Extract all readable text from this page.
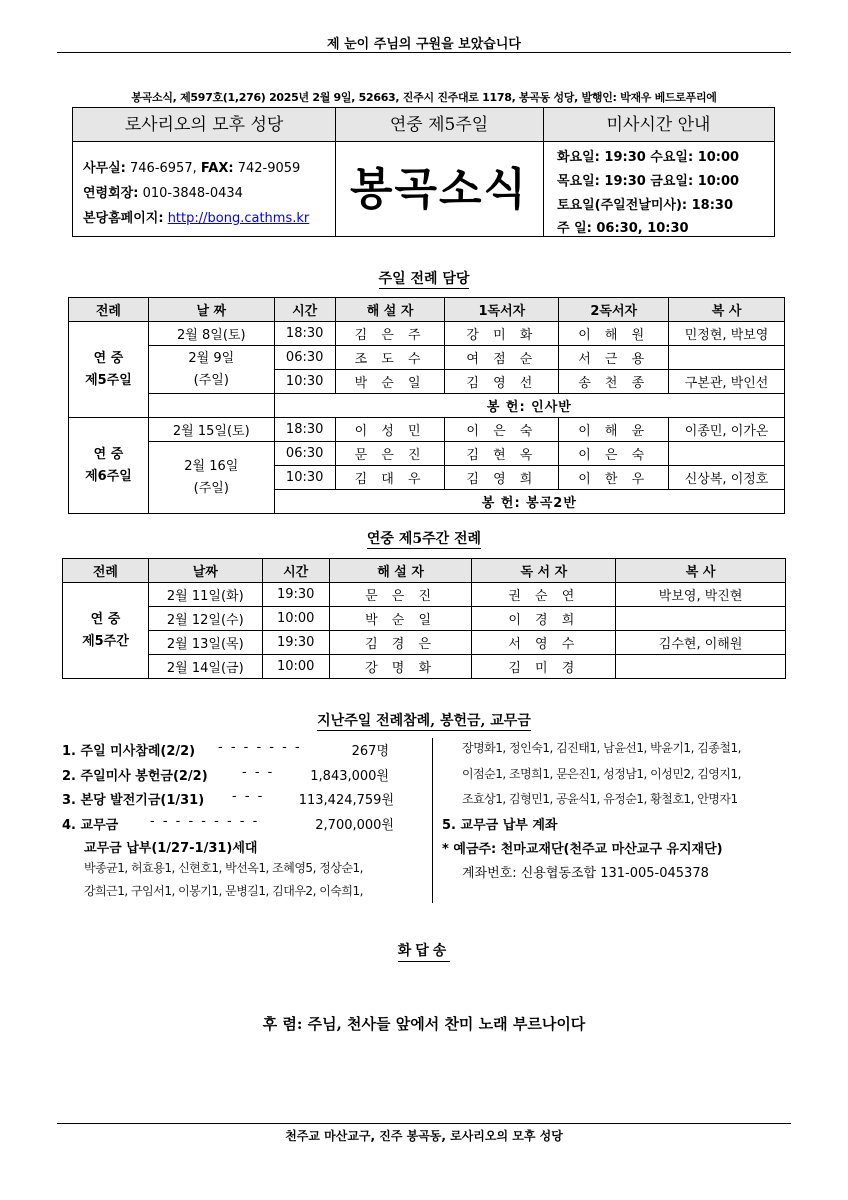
제 눈이 주님의 구원을 보았습니다
봉곡소식, 제597호(1,276) 2025년 2월 9일, 52663, 진주시 진주대로 1178, 봉곡동 성당, 발행인: 박재우 베드로푸리에
로사리오의 모후 성당	연중 제5주일	미사시간 안내
사무실: 746-6957, FAX: 742-9059
연령회장: 010-3848-0434
본당홈페이지: http://bong.cathms.kr
봉곡소식
화요일: 19:30 수요일: 10:00
목요일: 19:30 금요일: 10:00
토요일(주일전날미사): 18:30
주 일: 06:30, 10:30
주일 전례 담당
전례	날 짜	시간	해 설 자	1독서자	2독서자	복 사

연 중
제5주일	2월 8일(토)	18:30	김 은 주	강 미 화	이 해 원	민정현, 박보영

	2월 9일
(주일)	06:30	조 도 수	여 점 순	서 근 용	
		10:30	박 순 일	김 영 선	송 천 종	구본관, 박인선
		봉 헌: 인사반				

연 중
제6주일	2월 15일(토)	18:30	이 성 민	이 은 숙	이 해 윤	이종민, 이가온

	2월 16일
(주일)	06:30	문 은 진	김 현 옥	이 은 숙	
		10:30	김 대 우	김 영 희	이 한 우	신상복, 이정호
		봉 헌: 봉곡2반				
연중 제5주간 전례
전례	날짜	시간	해 설 자	독 서 자	복 사

연 중
제5주간	2월 11일(화)	19:30	문 은 진	권 순 연	박보영, 박진현
	2월 12일(수)	10:00	박 순 일	이 경 희	
	2월 13일(목)	19:30	김 경 은	서 영 수	김수현, 이해원
	2월 14일(금)	10:00	강 명 화	김 미 경	
지난주일 전례참례, 봉헌금, 교무금
1. 주일 미사참례(2/2) - - - - - - -	267명
2. 주일미사 봉헌금(2/2)	- - -	1,843,000원
3. 본당 발전기금(1/31) - - -	113,424,759원
4. 교무금 - - - - - - - - -	2,700,000원
교무금 납부(1/27-1/31)세대
박종균1, 허효용1, 신현호1, 박선옥1, 조혜영5, 정상순1,
강희근1, 구임서1, 이봉기1, 문병길1, 김대우2, 이숙희1,
장명화1, 정인숙1, 김진태1, 남윤선1, 박윤기1, 김종철1,
이점순1, 조명희1, 문은진1, 성정남1, 이성민2, 김영지1,
조효상1, 김형민1, 공윤식1, 유정순1, 황철호1, 안명자1
5. 교무금 납부 계좌
* 예금주: 천마교재단(천주교 마산교구 유지재단)
계좌번호: 신용협동조합 131-005-045378
화답송
후 렴: 주님, 천사들 앞에서 찬미 노래 부르나이다
천주교 마산교구, 진주 봉곡동, 로사리오의 모후 성당
